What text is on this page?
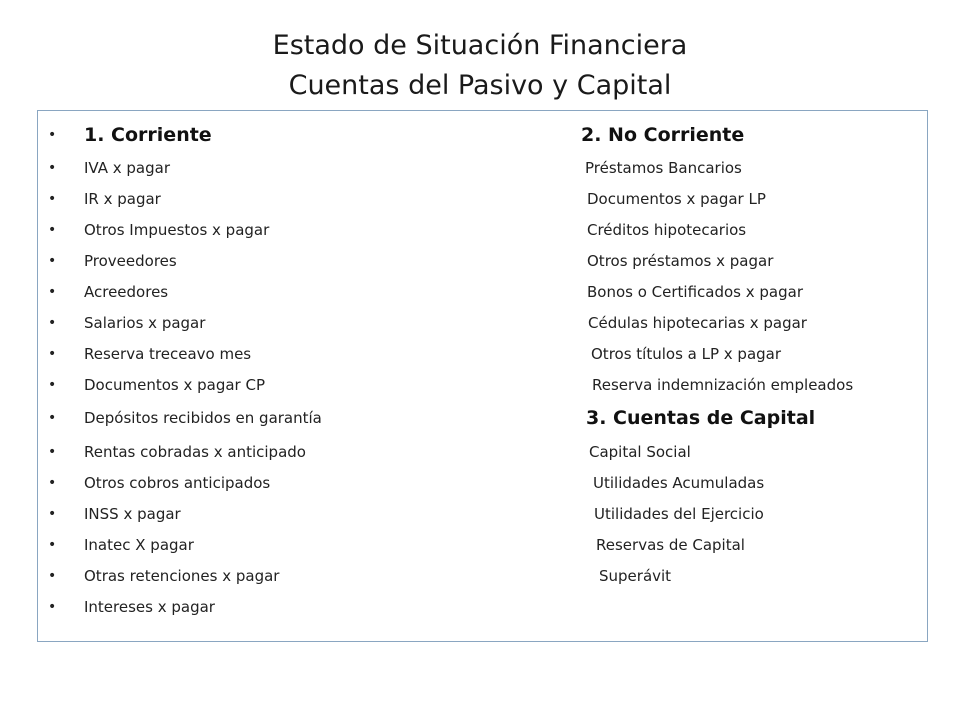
Estado de Situación Financiera
Cuentas del Pasivo y Capital
• 1. Corriente	2. No Corriente
• IVA x pagar	Préstamos Bancarios
• IR x pagar	Documentos x pagar LP
• Otros Impuestos x pagar	Créditos hipotecarios
• Proveedores	Otros préstamos x pagar
• Acreedores	Bonos o Certificados x pagar
• Salarios x pagar	Cédulas hipotecarias x pagar
• Reserva treceavo mes	Otros títulos a LP x pagar
• Documentos x pagar CP	Reserva indemnización empleados
• Depósitos recibidos en garantía	3. Cuentas de Capital
• Rentas cobradas x anticipado	Capital Social
• Otros cobros anticipados	Utilidades Acumuladas
• INSS x pagar	Utilidades del Ejercicio
• Inatec X pagar	Reservas de Capital
• Otras retenciones x pagar	Superávit
• Intereses x pagar
